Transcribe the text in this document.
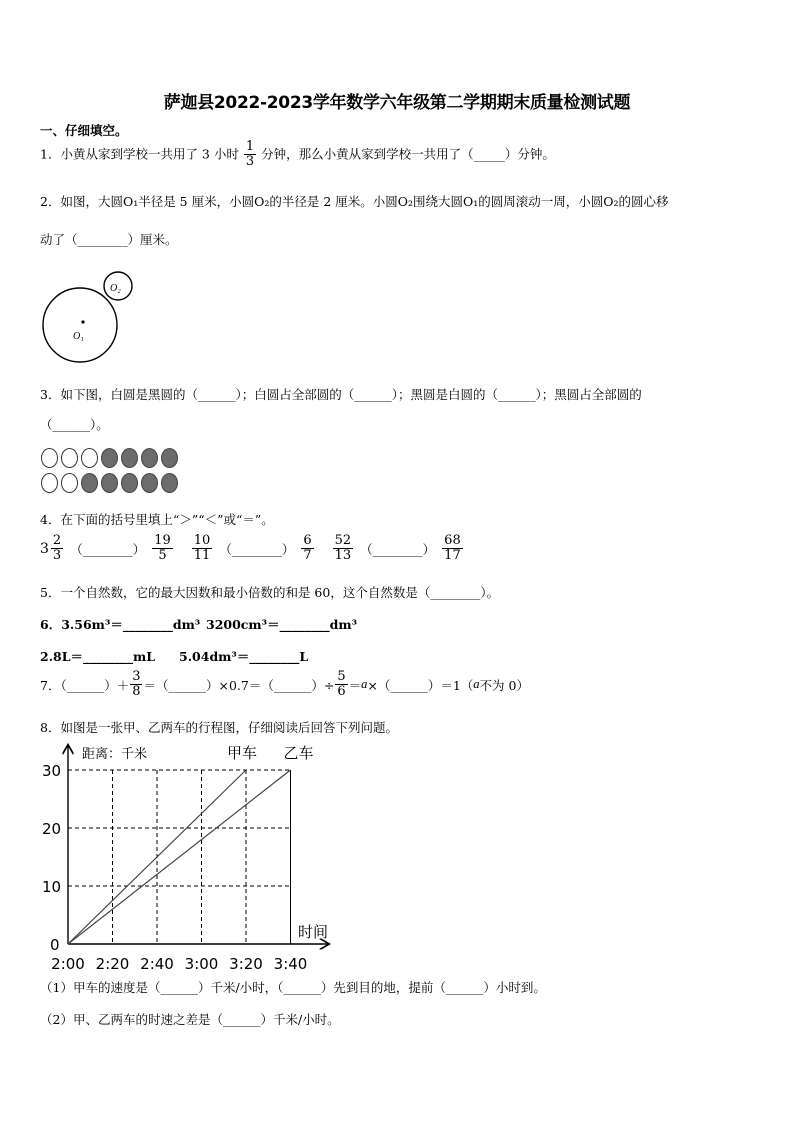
萨迦县2022-2023学年数学六年级第二学期期末质量检测试题
一、仔细填空。
1．小黄从家到学校一共用了 3 小时 $\frac{1}{3}$ 分钟，那么小黄从家到学校一共用了（_____）分钟。
2．如图，大圆O₁半径是 5 厘米，小圆O₂的半径是 2 厘米。小圆O₂围绕大圆O₁的圆周滚动一周，小圆O₂的圆心移
动了（________）厘米。
O₁
O₂
3．如下图，白圆是黑圆的（______）；白圆占全部圆的（______）；黑圆是白圆的（______）；黑圆占全部圆的
（______）。
4．在下面的括号里填上“＞”“＜”或“＝”。
$3 \frac{2}{3}$ （________） $\frac{19}{5} \frac{10}{11}$ （________） $\frac{6}{7} \frac{52}{13}$ （________） $\frac{68}{17}$
5．一个自然数，它的最大因数和最小倍数的和是 60，这个自然数是（________）。
6．3.56m³＝________dm³ 3200cm³＝________dm³
2.8L＝________mL 5.04dm³＝________L
7．（______）＋ $\frac{3}{8}$ ＝（______）×0.7＝（______）÷ $\frac{5}{6} = a$ ×（______）＝1（ a 不为 0）
8．如图是一张甲、乙两车的行程图，仔细阅读后回答下列问题。
距离：千米
时间
0
10
20
30
2:00 2:20 2:40 3:00 3:20 3:40
甲车 乙车
（1）甲车的速度是（______）千米/小时，（______）先到目的地，提前（______）小时到。
（2）甲、乙两车的时速之差是（______）千米/小时。
